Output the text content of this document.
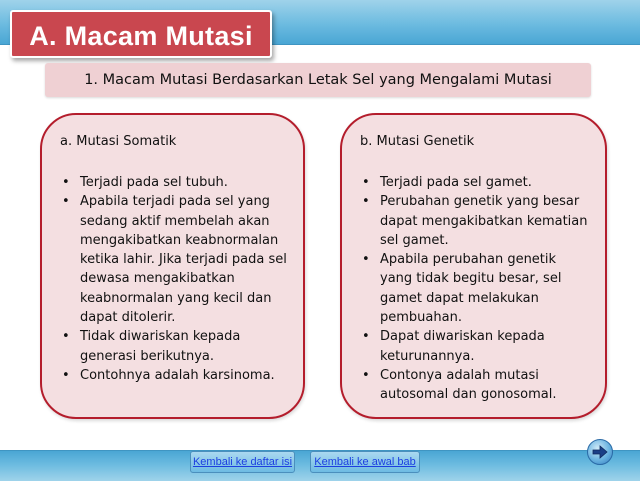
A. Macam Mutasi
1. Macam Mutasi Berdasarkan Letak Sel yang Mengalami Mutasi
a. Mutasi Somatik
• Terjadi pada sel tubuh.
• Apabila terjadi pada sel yang
sedang aktif membelah akan
mengakibatkan keabnormalan
ketika lahir. Jika terjadi pada sel
dewasa mengakibatkan
keabnormalan yang kecil dan
dapat ditolerir.
• Tidak diwariskan kepada
generasi berikutnya.
• Contohnya adalah karsinoma.
b. Mutasi Genetik
• Terjadi pada sel gamet.
• Perubahan genetik yang besar
dapat mengakibatkan kematian
sel gamet.
• Apabila perubahan genetik
yang tidak begitu besar, sel
gamet dapat melakukan
pembuahan.
• Dapat diwariskan kepada
keturunannya.
• Contonya adalah mutasi
autosomal dan gonosomal.
Kembali ke daftar isi	Kembali ke awal bab
